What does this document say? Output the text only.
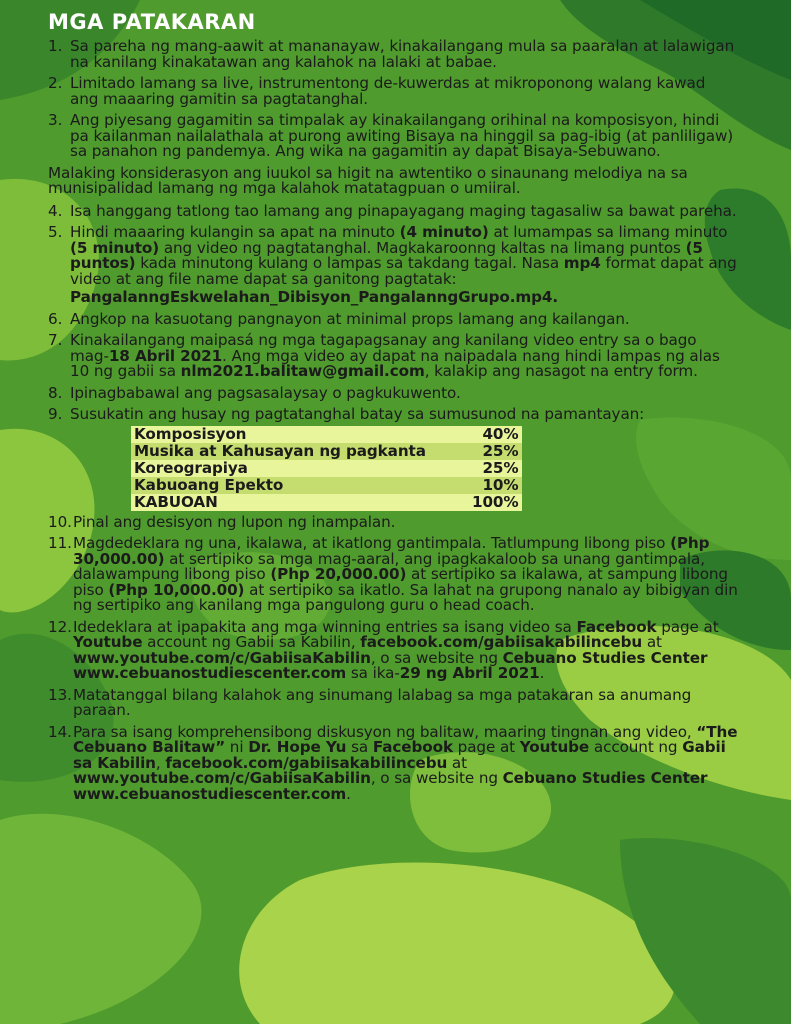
MGA PATAKARAN
1. Sa pareha ng mang-aawit at mananayaw, kinakailangang mula sa paaralan at lalawigan na kanilang kinakatawan ang kalahok na lalaki at babae.
2. Limitado lamang sa live, instrumentong de-kuwerdas at mikroponong walang kawad ang maaaring gamitin sa pagtatanghal.
3. Ang piyesang gagamitin sa timpalak ay kinakailangang orihinal na komposisyon, hindi pa kailanman nailalathala at purong awiting Bisaya na hinggil sa pag-ibig (at panliligaw) sa panahon ng pandemya. Ang wika na gagamitin ay dapat Bisaya-Sebuwano.
Malaking konsiderasyon ang iuukol sa higit na awtentiko o sinaunang melodiya na sa munisipalidad lamang ng mga kalahok matatagpuan o umiiral.
4. Isa hanggang tatlong tao lamang ang pinapayagang maging tagasaliw sa bawat pareha.
5. Hindi maaaring kulangin sa apat na minuto (4 minuto) at lumampas sa limang minuto (5 minuto) ang video ng pagtatanghal. Magkakaroonng kaltas na limang puntos (5 puntos) kada minutong kulang o lampas sa takdang tagal. Nasa mp4 format dapat ang video at ang file name dapat sa ganitong pagtatak:
PangalanngEskwelahan_Dibisyon_PangalanngGrupo.mp4.
6. Angkop na kasuotang pangnayon at minimal props lamang ang kailangan.
7. Kinakailangang maipasá ng mga tagapagsanay ang kanilang video entry sa o bago mag-18 Abril 2021. Ang mga video ay dapat na naipadala nang hindi lampas ng alas 10 ng gabii sa nlm2021.balitaw@gmail.com, kalakip ang nasagot na entry form.
8. Ipinagbabawal ang pagsasalaysay o pagkukuwento.
9. Susukatin ang husay ng pagtatanghal batay sa sumusunod na pamantayan:
Komposisyon	40%
Musika at Kahusayan ng pagkanta	25%
Koreograpiya	25%
Kabuoang Epekto	10%
KABUOAN	100%
10. Pinal ang desisyon ng lupon ng inampalan.
11. Magdedeklara ng una, ikalawa, at ikatlong gantimpala. Tatlumpung libong piso (Php 30,000.00) at sertipiko sa mga mag-aaral, ang ipagkakaloob sa unang gantimpala, dalawampung libong piso (Php 20,000.00) at sertipiko sa ikalawa, at sampung libong piso (Php 10,000.00) at sertipiko sa ikatlo. Sa lahat na grupong nanalo ay bibigyan din ng sertipiko ang kanilang mga pangulong guru o head coach.
12. Idedeklara at ipapakita ang mga winning entries sa isang video sa Facebook page at Youtube account ng Gabii sa Kabilin, facebook.com/gabiisakabilincebu at www.youtube.com/c/GabiisaKabilin, o sa website ng Cebuano Studies Center www.cebuanostudiescenter.com sa ika-29 ng Abril 2021.
13. Matatanggal bilang kalahok ang sinumang lalabag sa mga patakaran sa anumang paraan.
14. Para sa isang komprehensibong diskusyon ng balitaw, maaring tingnan ang video, “The Cebuano Balitaw” ni Dr. Hope Yu sa Facebook page at Youtube account ng Gabii sa Kabilin, facebook.com/gabiisakabilincebu at www.youtube.com/c/GabiisaKabilin, o sa website ng Cebuano Studies Center www.cebuanostudiescenter.com.
